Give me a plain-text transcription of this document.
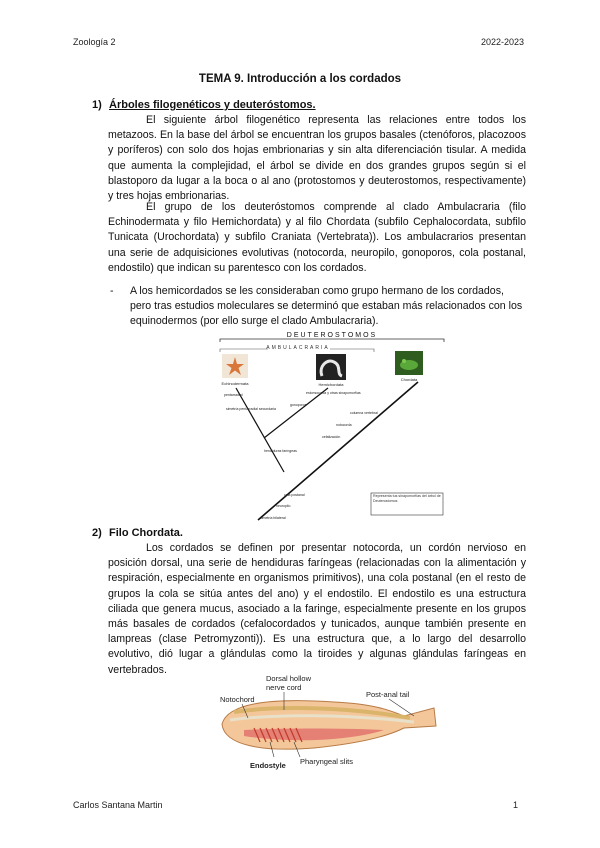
Zoología 2	2022-2023
TEMA 9. Introducción a los cordados
1) Árboles filogenéticos y deuteróstomos.

El siguiente árbol filogenético representa las relaciones entre todos los metazoos. En la base del árbol se encuentran los grupos basales (ctenóforos, placozoos y poríferos) con solo dos hojas embrionarias y sin alta diferenciación tisular. A medida que aumenta la complejidad, el árbol se divide en dos grandes grupos según si el blastoporo da lugar a la boca o al ano (protostomos y deuterostomos, respectivamente) y tres hojas embrionarias.

El grupo de los deuteróstomos comprende al clado Ambulacraria (filo Echinodermata y filo Hemichordata) y al filo Chordata (subfilo Cephalocordata, subfilo Tunicata (Urochordata) y subfilo Craniata (Vertebrata)). Los ambulacrarios presentan una serie de adquisiciones evolutivas (notocorda, neuropilo, gonoporos, cola postanal, endostilo) que indican su parentesco con los cordados.

- A los hemicordados se les consideraban como grupo hermano de los cordados, pero tras estudios moleculares se determinó que estaban más relacionados con los equinodermos (por ello surge el clado Ambulacraria).
DEUTEROSTOMOS
AMBULACRARIA
Echinodermata	Hemichordata
Chordata
pentarradial
simetría pentarradial secundaria
estomocorda y otras sinapomorfías
gonoporos
columna vertebral
notocorda
cefalización
hendiduras faríngeas
cola postanal
neuropilo
simetría bilateral
Representa tus sinapomorfías del árbol de Deuterostomos
2) Filo Chordata.

Los cordados se definen por presentar notocorda, un cordón nervioso en posición dorsal, una serie de hendiduras faríngeas (relacionadas con la alimentación y respiración, especialmente en organismos primitivos), una cola postanal (en el resto de grupos la cola se sitúa antes del ano) y el endostilo. El endostilo es una estructura ciliada que genera mucus, asociado a la faringe, especialmente presente en los grupos más basales de cordados (cefalocordados y tunicados, aunque también presente en lampreas (clase Petromyzonti)). Es una estructura que, a lo largo del desarrollo evolutivo, dió lugar a glándulas como la tiroides y algunas glándulas faríngeas en vertebrados.

Dorsal hollow
nerve cord
Notochord
Post-anal tail
Endostyle Pharyngeal slits
Carlos Santana Martin	1
